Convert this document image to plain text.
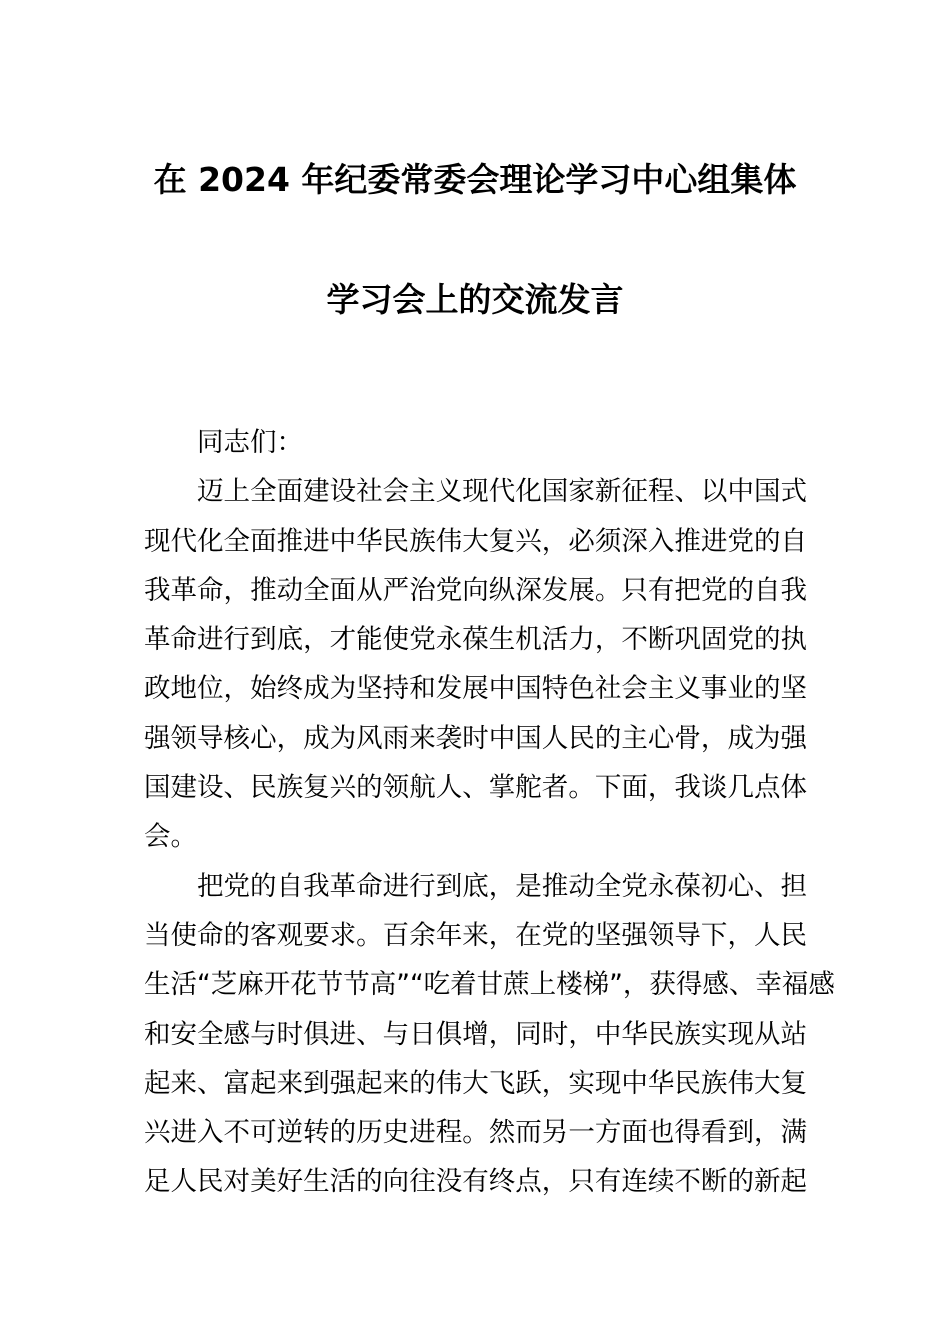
在 2024 年纪委常委会理论学习中心组集体
学习会上的交流发言

同志们：

迈上全面建设社会主义现代化国家新征程、以中国式
现代化全面推进中华民族伟大复兴，必须深入推进党的自
我革命，推动全面从严治党向纵深发展。只有把党的自我
革命进行到底，才能使党永葆生机活力，不断巩固党的执
政地位，始终成为坚持和发展中国特色社会主义事业的坚
强领导核心，成为风雨来袭时中国人民的主心骨，成为强
国建设、民族复兴的领航人、掌舵者。下面，我谈几点体
会。

把党的自我革命进行到底，是推动全党永葆初心、担
当使命的客观要求。百余年来，在党的坚强领导下，人民
生活“芝麻开花节节高”“吃着甘蔗上楼梯”，获得感、幸福感
和安全感与时俱进、与日俱增，同时，中华民族实现从站
起来、富起来到强起来的伟大飞跃，实现中华民族伟大复
兴进入不可逆转的历史进程。然而另一方面也得看到，满
足人民对美好生活的向往没有终点，只有连续不断的新起
